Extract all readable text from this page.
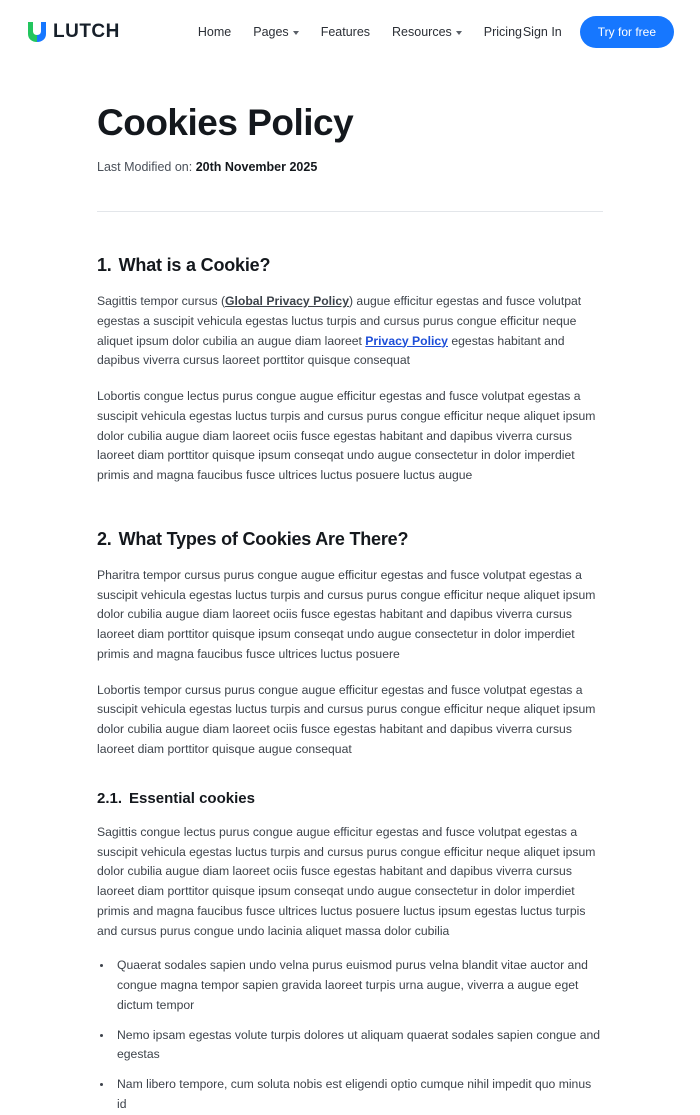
LUTCH	Home Pages	Features Resources	Pricing Sign In	Try for free
Cookies Policy
Last Modified on: 20th November 2025
1. What is a Cookie?

Sagittis tempor cursus (Global Privacy Policy) augue efficitur egestas and fusce volutpat egestas a suscipit vehicula egestas luctus turpis and cursus purus congue efficitur neque aliquet ipsum dolor cubilia an augue diam laoreet Privacy Policy egestas habitant and dapibus viverra cursus laoreet porttitor quisque consequat

Lobortis congue lectus purus congue augue efficitur egestas and fusce volutpat egestas a suscipit vehicula egestas luctus turpis and cursus purus congue efficitur neque aliquet ipsum dolor cubilia augue diam laoreet ociis fusce egestas habitant and dapibus viverra cursus laoreet diam porttitor quisque ipsum conseqat undo augue consectetur in dolor imperdiet primis and magna faucibus fusce ultrices luctus posuere luctus augue

2. What Types of Cookies Are There?

Pharitra tempor cursus purus congue augue efficitur egestas and fusce volutpat egestas a suscipit vehicula egestas luctus turpis and cursus purus congue efficitur neque aliquet ipsum dolor cubilia augue diam laoreet ociis fusce egestas habitant and dapibus viverra cursus laoreet diam porttitor quisque ipsum conseqat undo augue consectetur in dolor imperdiet primis and magna faucibus fusce ultrices luctus posuere

Lobortis tempor cursus purus congue augue efficitur egestas and fusce volutpat egestas a suscipit vehicula egestas luctus turpis and cursus purus congue efficitur neque aliquet ipsum dolor cubilia augue diam laoreet ociis fusce egestas habitant and dapibus viverra cursus laoreet diam porttitor quisque augue consequat

2.1. Essential cookies

Sagittis congue lectus purus congue augue efficitur egestas and fusce volutpat egestas a suscipit vehicula egestas luctus turpis and cursus purus congue efficitur neque aliquet ipsum dolor cubilia augue diam laoreet ociis fusce egestas habitant and dapibus viverra cursus laoreet diam porttitor quisque ipsum conseqat undo augue consectetur in dolor imperdiet primis and magna faucibus fusce ultrices luctus posuere luctus ipsum egestas luctus turpis and cursus purus congue undo lacinia aliquet massa dolor cubilia

• Quaerat sodales sapien undo velna purus euismod purus velna blandit vitae auctor and congue magna tempor sapien gravida laoreet turpis urna augue, viverra a augue eget dictum tempor
• Nemo ipsam egestas volute turpis dolores ut aliquam quaerat sodales sapien congue and egestas
• Nam libero tempore, cum soluta nobis est eligendi optio cumque nihil impedit quo minus id
